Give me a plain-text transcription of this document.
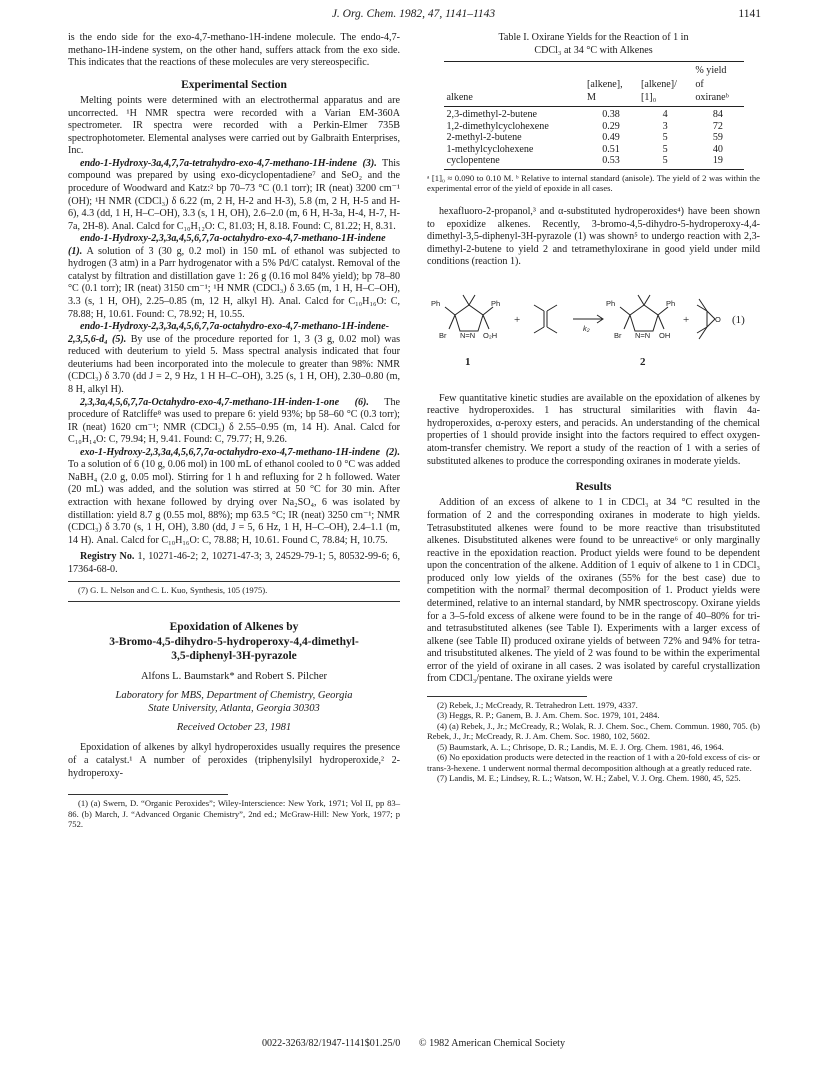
J. Org. Chem. 1982, 47, 1141–1143	1141

is the endo side for the exo-4,7-methano-1H-indene molecule. The endo-4,7-methano-1H-indene system, on the other hand, suffers attack from the exo side. This indicates that the reactions of these molecules are very stereospecific.

Experimental Section

Melting points were determined with an electrothermal apparatus and are uncorrected. ¹H NMR spectra were recorded with a Varian EM-360A spectrometer. IR spectra were recorded with a Perkin-Elmer 735B spectrophotometer. Elemental analyses were carried out by Galbraith Enterprises, Inc.

endo-1-Hydroxy-3a,4,7,7a-tetrahydro-exo-4,7-methano-1H-indene (3). This compound was prepared by using exo-dicyclopentadiene⁷ and SeO₂ and the procedure of Woodward and Katz:² bp 70–73 °C (0.1 torr); IR (neat) 3200 cm⁻¹ (OH); ¹H NMR (CDCl₃) δ 6.22 (m, 2 H, H-2 and H-3), 5.8 (m, 2 H, H-5 and H-6), 4.3 (dd, 1 H, H–C–OH), 3.3 (s, 1 H, OH), 2.6–2.0 (m, 6 H, H-3a, H-4, H-7, H-7a, 2H-8). Anal. Calcd for C₁₀H₁₂O: C, 81.03; H, 8.18. Found: C, 81.22; H, 8.31.

endo-1-Hydroxy-2,3,3a,4,5,6,7,7a-octahydro-exo-4,7-methano-1H-indene (1). A solution of 3 (30 g, 0.2 mol) in 150 mL of ethanol was subjected to hydrogen (3 atm) in a Parr hydrogenator with a 5% Pd/C catalyst. Removal of the catalyst by filtration and distillation gave 1: 26 g (0.16 mol 84% yield); bp 78–80 °C (0.1 torr); IR (neat) 3150 cm⁻¹; ¹H NMR (CDCl₃) δ 3.65 (m, 1 H, H–C–OH), 3.3 (s, 1 H, OH), 2.25–0.85 (m, 12 H, alkyl H). Anal. Calcd for C₁₀H₁₆O: C, 78.88; H, 10.61. Found: C, 78.92; H, 10.55.

endo-1-Hydroxy-2,3,3a,4,5,6,7,7a-octahydro-exo-4,7-methano-1H-indene-2,3,5,6-d₄ (5). By use of the procedure reported for 1, 3 (3 g, 0.02 mol) was reduced with deuterium to yield 5. Mass spectral analysis indicated that four deuteriums had been incorporated into the molecule to greater than 98%: NMR (CDCl₃) δ 3.70 (dd J = 2, 9 Hz, 1 H H–C–OH), 3.25 (s, 1 H, OH), 2.30–0.80 (m, 8 H, alkyl H).

2,3,3a,4,5,6,7,7a-Octahydro-exo-4,7-methano-1H-inden-1-one (6). The procedure of Ratcliffe⁸ was used to prepare 6: yield 93%; bp 58–60 °C (0.3 torr); IR (neat) 1620 cm⁻¹; NMR (CDCl₃) δ 2.55–0.95 (m, 14 H). Anal. Calcd for C₁₀H₁₄O: C, 79.94; H, 9.41. Found: C, 79.77; H, 9.26.

exo-1-Hydroxy-2,3,3a,4,5,6,7,7a-octahydro-exo-4,7-methano-1H-indene (2). To a solution of 6 (10 g, 0.06 mol) in 100 mL of ethanol cooled to 0 °C was added NaBH₄ (2.0 g, 0.05 mol). Stirring for 1 h and refluxing for 2 h followed. Water (20 mL) was added, and the solution was stirred at 50 °C for 30 min. After extraction with hexane followed by drying over Na₂SO₄, 6 was isolated by distillation: yield 8.7 g (0.55 mol, 88%); mp 63.5 °C; IR (neat) 3250 cm⁻¹; NMR (CDCl₃) δ 3.70 (s, 1 H, OH), 3.80 (dd, J = 5, 6 Hz, 1 H, H–C–OH), 2.4–1.1 (m, 14 H). Anal. Calcd for C₁₀H₁₆O: C, 78.88; H, 10.61. Found C, 78.84; H, 10.75.

Registry No. 1, 10271-46-2; 2, 10271-47-3; 3, 24529-79-1; 5, 80532-99-6; 6, 17364-68-0.

(7) G. L. Nelson and C. L. Kuo, Synthesis, 105 (1975).

Epoxidation of Alkenes by
3-Bromo-4,5-dihydro-5-hydroperoxy-4,4-dimethyl-
3,5-diphenyl-3H-pyrazole
Alfons L. Baumstark* and Robert S. Pilcher
Laboratory for MBS, Department of Chemistry, Georgia
State University, Atlanta, Georgia 30303
Received October 23, 1981

Epoxidation of alkenes by alkyl hydroperoxides usually requires the presence of a catalyst.¹ A number of peroxides (triphenylsilyl hydroperoxide,² 2-hydroperoxy-

(1) (a) Swern, D. “Organic Peroxides”; Wiley-Interscience: New York, 1971; Vol II, pp 83–86. (b) March, J. “Advanced Organic Chemistry”, 2nd ed.; McGraw-Hill: New York, 1977; p 752.

Table I. Oxirane Yields for the Reaction of 1 in
CDCl₃ at 34 °C with Alkenes
			% yield
	[alkene],	[alkene]/	of
alkene	M	[1]₀	oxiraneᵇ
2,3-dimethyl-2-butene	0.38	4	84
1,2-dimethylcyclohexene	0.29	3	72
2-methyl-2-butene	0.49	5	59
1-methylcyclohexene	0.51	5	40
cyclopentene	0.53	5	19
ᵃ [1]₀ ≈ 0.090 to 0.10 M. ᵇ Relative to internal standard (anisole). The yield of 2 was within the experimental error of the yield of epoxide in all cases.

hexafluoro-2-propanol,³ and α-substituted hydroperoxides⁴) have been shown to epoxidize alkenes. Recently, 3-bromo-4,5-dihydro-5-hydroperoxy-4,4-dimethyl-3,5-diphenyl-3H-pyrazole (1) was shown⁵ to undergo reaction with 2,3-dimethyl-2-butene to yield 2 and tetramethyloxirane in good yield under mild conditions (reaction 1).

Ph	Ph
Br N=N O₂H
Ph	Ph
Br N=N OH
O
k₂
+	+	(1)
1	2

Few quantitative kinetic studies are available on the epoxidation of alkenes by reactive hydroperoxides. 1 has structural similarities with flavin 4a-hydroperoxides, α-peroxy esters, and peracids. An understanding of the chemical properties of 1 should provide insight into the factors required to effect oxygen-atom-transfer chemistry. We report a study of the reaction of 1 with a series of substituted alkenes to produce the corresponding oxiranes in moderate yields.

Results

Addition of an excess of alkene to 1 in CDCl₃ at 34 °C resulted in the formation of 2 and the corresponding oxiranes in moderate to high yields. Tetrasubstituted alkenes were found to be more reactive than trisubstituted alkenes. Disubstituted alkenes were found to be unreactive⁶ or only marginally reactive in the epoxidation reaction. Product yields were found to be dependent upon the concentration of the alkene. Addition of 1 equiv of alkene to 1 in CDCl₃ produced only low yields of the oxiranes (55% for the best case) due to competition with the normal⁷ thermal decomposition of 1. Product yields were determined, relative to an internal standard, by NMR spectroscopy. Oxirane yields for a 3–5-fold excess of alkene were found to be in the range of 40–80% for tri- and tetrasubstituted alkenes (see Table I). Experiments with a larger excess of alkene (see Table II) produced oxirane yields of between 72% and 94% for tetra- and trisubstituted alkenes. The yield of 2 was found to be within the experimental error of the yield of oxirane in all cases. 2 was isolated by careful crystallization from CDCl₃/pentane. The oxirane yields were

(2) Rebek, J.; McCready, R. Tetrahedron Lett. 1979, 4337.

(3) Heggs, R. P.; Ganem, B. J. Am. Chem. Soc. 1979, 101, 2484.

(4) (a) Rebek, J., Jr.; McCready, R.; Wolak, R. J. Chem. Soc., Chem. Commun. 1980, 705. (b) Rebek, J., Jr.; McCready, R. J. Am. Chem. Soc. 1980, 102, 5602.

(5) Baumstark, A. L.; Chrisope, D. R.; Landis, M. E. J. Org. Chem. 1981, 46, 1964.

(6) No epoxidation products were detected in the reaction of 1 with a 20-fold excess of cis- or trans-3-hexene. 1 underwent normal thermal decomposition although at a greatly reduced rate.

(7) Landis, M. E.; Lindsey, R. L.; Watson, W. H.; Zabel, V. J. Org. Chem. 1980, 45, 525.

0022-3263/82/1947-1141$01.25/0 © 1982 American Chemical Society
